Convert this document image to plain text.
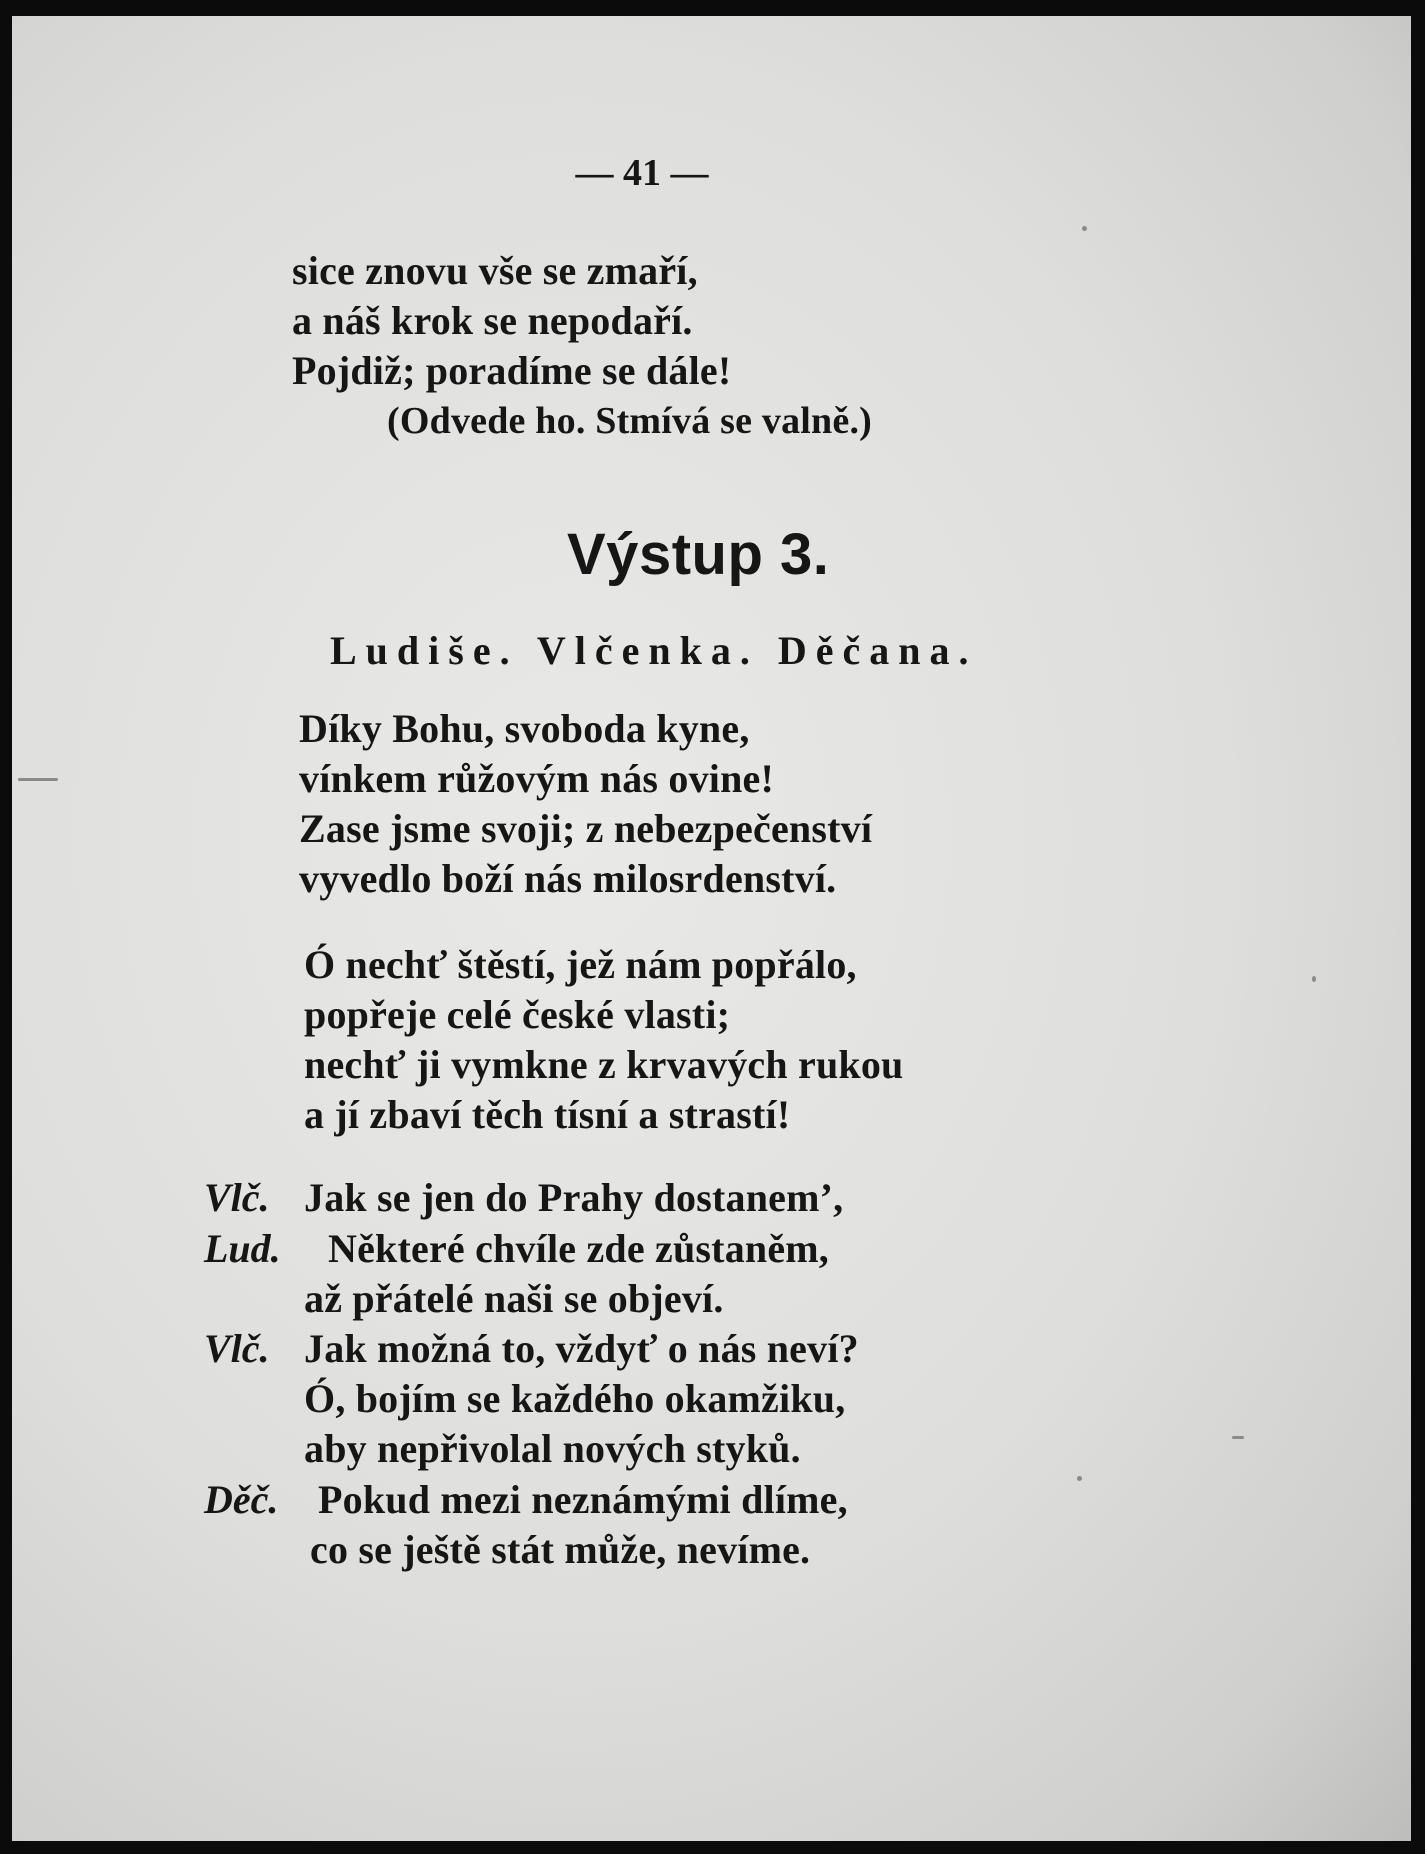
— 41 —
sice znovu vše se zmaří,
a náš krok se nepodaří.
Pojdiž; poradíme se dále!
(Odvede ho. Stmívá se valně.)
Výstup 3.
Ludiše. Vlčenka. Děčana.
Díky Bohu, svoboda kyne,
vínkem růžovým nás ovine!
Zase jsme svoji; z nebezpečenství
vyvedlo boží nás milosrdenství.
Ó nechť štěstí, jež nám popřálo,
popřeje celé české vlasti;
nechť ji vymkne z krvavých rukou
a jí zbaví těch tísní a strastí!
Vlč. Jak se jen do Prahy dostanem’,
Lud. Některé chvíle zde zůstaněm,
až přátelé naši se objeví.
Vlč. Jak možná to, vždyť o nás neví?
Ó, bojím se každého okamžiku,
aby nepřivolal nových styků.
Děč. Pokud mezi neznámými dlíme,
co se ještě stát může, nevíme.
